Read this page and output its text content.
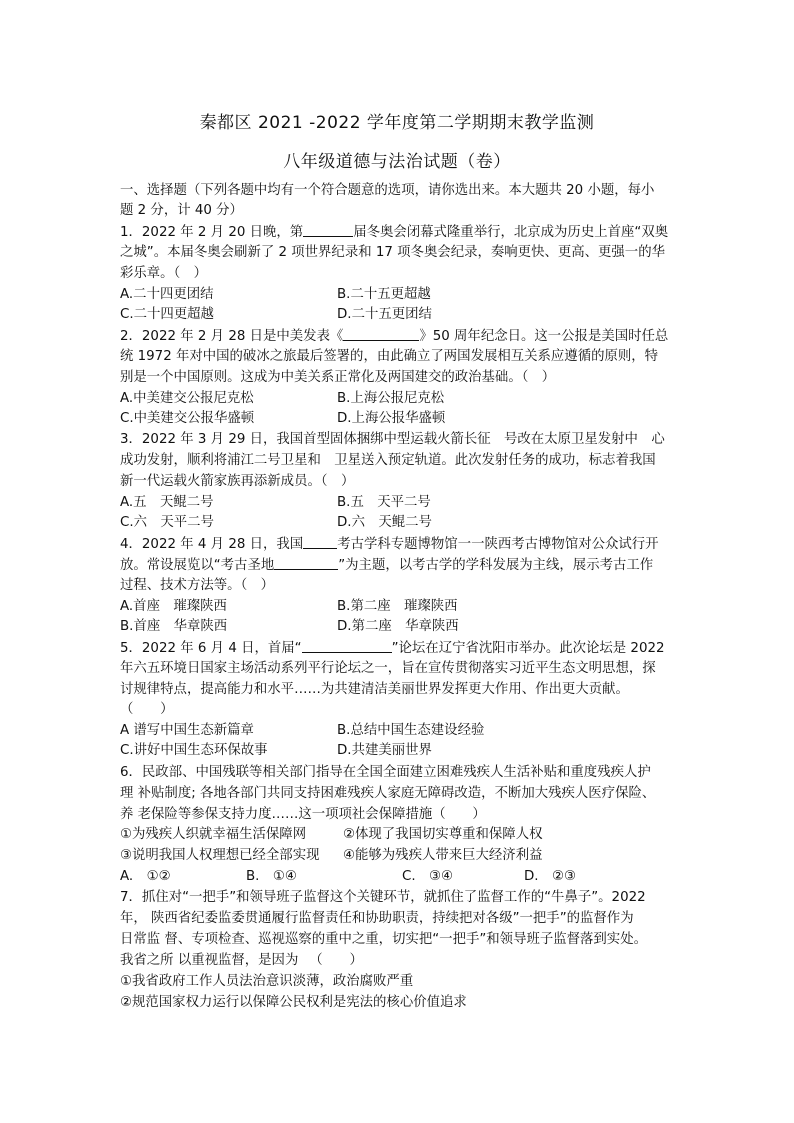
秦都区 2021 -2022 学年度第二学期期末教学监测
八年级道德与法治试题（卷）
一、选择题（下列各题中均有一个符合题意的选项，请你选出来。本大题共 20 小题，每小
题 2 分，计 40 分）
1．2022 年 2 月 20 日晚，第	届冬奥会闭幕式隆重举行，北京成为历史上首座“双奥
之城”。本届冬奥会刷新了 2 项世界纪录和 17 项冬奥会纪录，奏响更快、更高、更强一的华
彩乐章。（　）
A.二十四更团结	B.二十五更超越
C.二十四更超越	D.二十五更团结
2．2022 年 2 月 28 日是中美发表《	》50 周年纪念日。这一公报是美国时任总
统 1972 年对中国的破冰之旅最后签署的，由此确立了两国发展相互关系应遵循的原则，特
别是一个中国原则。这成为中美关系正常化及两国建交的政治基础。（　）
A.中美建交公报尼克松	B.上海公报尼克松
C.中美建交公报华盛顿	D.上海公报华盛顿
3．2022 年 3 月 29 日，我国首型固体捆绑中型运载火箭长征　号改在太原卫星发射中　心
成功发射，顺利将浦江二号卫星和　卫星送入预定轨道。此次发射任务的成功，标志着我国
新一代运载火箭家族再添新成员。（　）
A.五　天鲲二号	B.五　天平二号
C.六　天平二号	D.六　天鲲二号
4．2022 年 4 月 28 日，我国	考古学科专题博物馆一一陕西考古博物馆对公众试行开
放。常设展览以“考古圣地	”为主题，以考古学的学科发展为主线，展示考古工作
过程、技术方法等。（　）
A.首座　璀璨陕西	B.第二座　璀璨陕西
B.首座　华章陕西	D.第二座　华章陕西
5．2022 年 6 月 4 日，首届“	”论坛在辽宁省沈阳市举办。此次论坛是 2022
年六五环境日国家主场活动系列平行论坛之一，旨在宣传贯彻落实习近平生态文明思想，探
讨规律特点，提高能力和水平……为共建清洁美丽世界发挥更大作用、作出更大贡献。
（　　）
A 谱写中国生态新篇章	B.总结中国生态建设经验
C.讲好中国生态环保故事	D.共建美丽世界
6．民政部、中国残联等相关部门指导在全国全面建立困难残疾人生活补贴和重度残疾人护
理 补贴制度; 各地各部门共同支持困难残疾人家庭无障碍改造，不断加大残疾人医疗保险、
养 老保险等参保支持力度……这一项项社会保障措施（　　）
①为残疾人织就幸福生活保障网	②体现了我国切实尊重和保障人权
③说明我国人权理想已经全部实现 ④能够为残疾人带来巨大经济利益
A.　①②	B.　①④	C.　③④	D.　②③
7．抓住对“一把手”和领导班子监督这个关键环节，就抓住了监督工作的“牛鼻子”。2022
年， 陕西省纪委监委贯通履行监督责任和协助职责，持续把对各级”一把手”的监督作为
日常监 督、专项检查、巡视巡察的重中之重，切实把“一把手”和领导班子监督落到实处。
我省之所 以重视监督，是因为 　（　　）
①我省政府工作人员法治意识淡薄，政治腐败严重
②规范国家权力运行以保障公民权利是宪法的核心价值追求
